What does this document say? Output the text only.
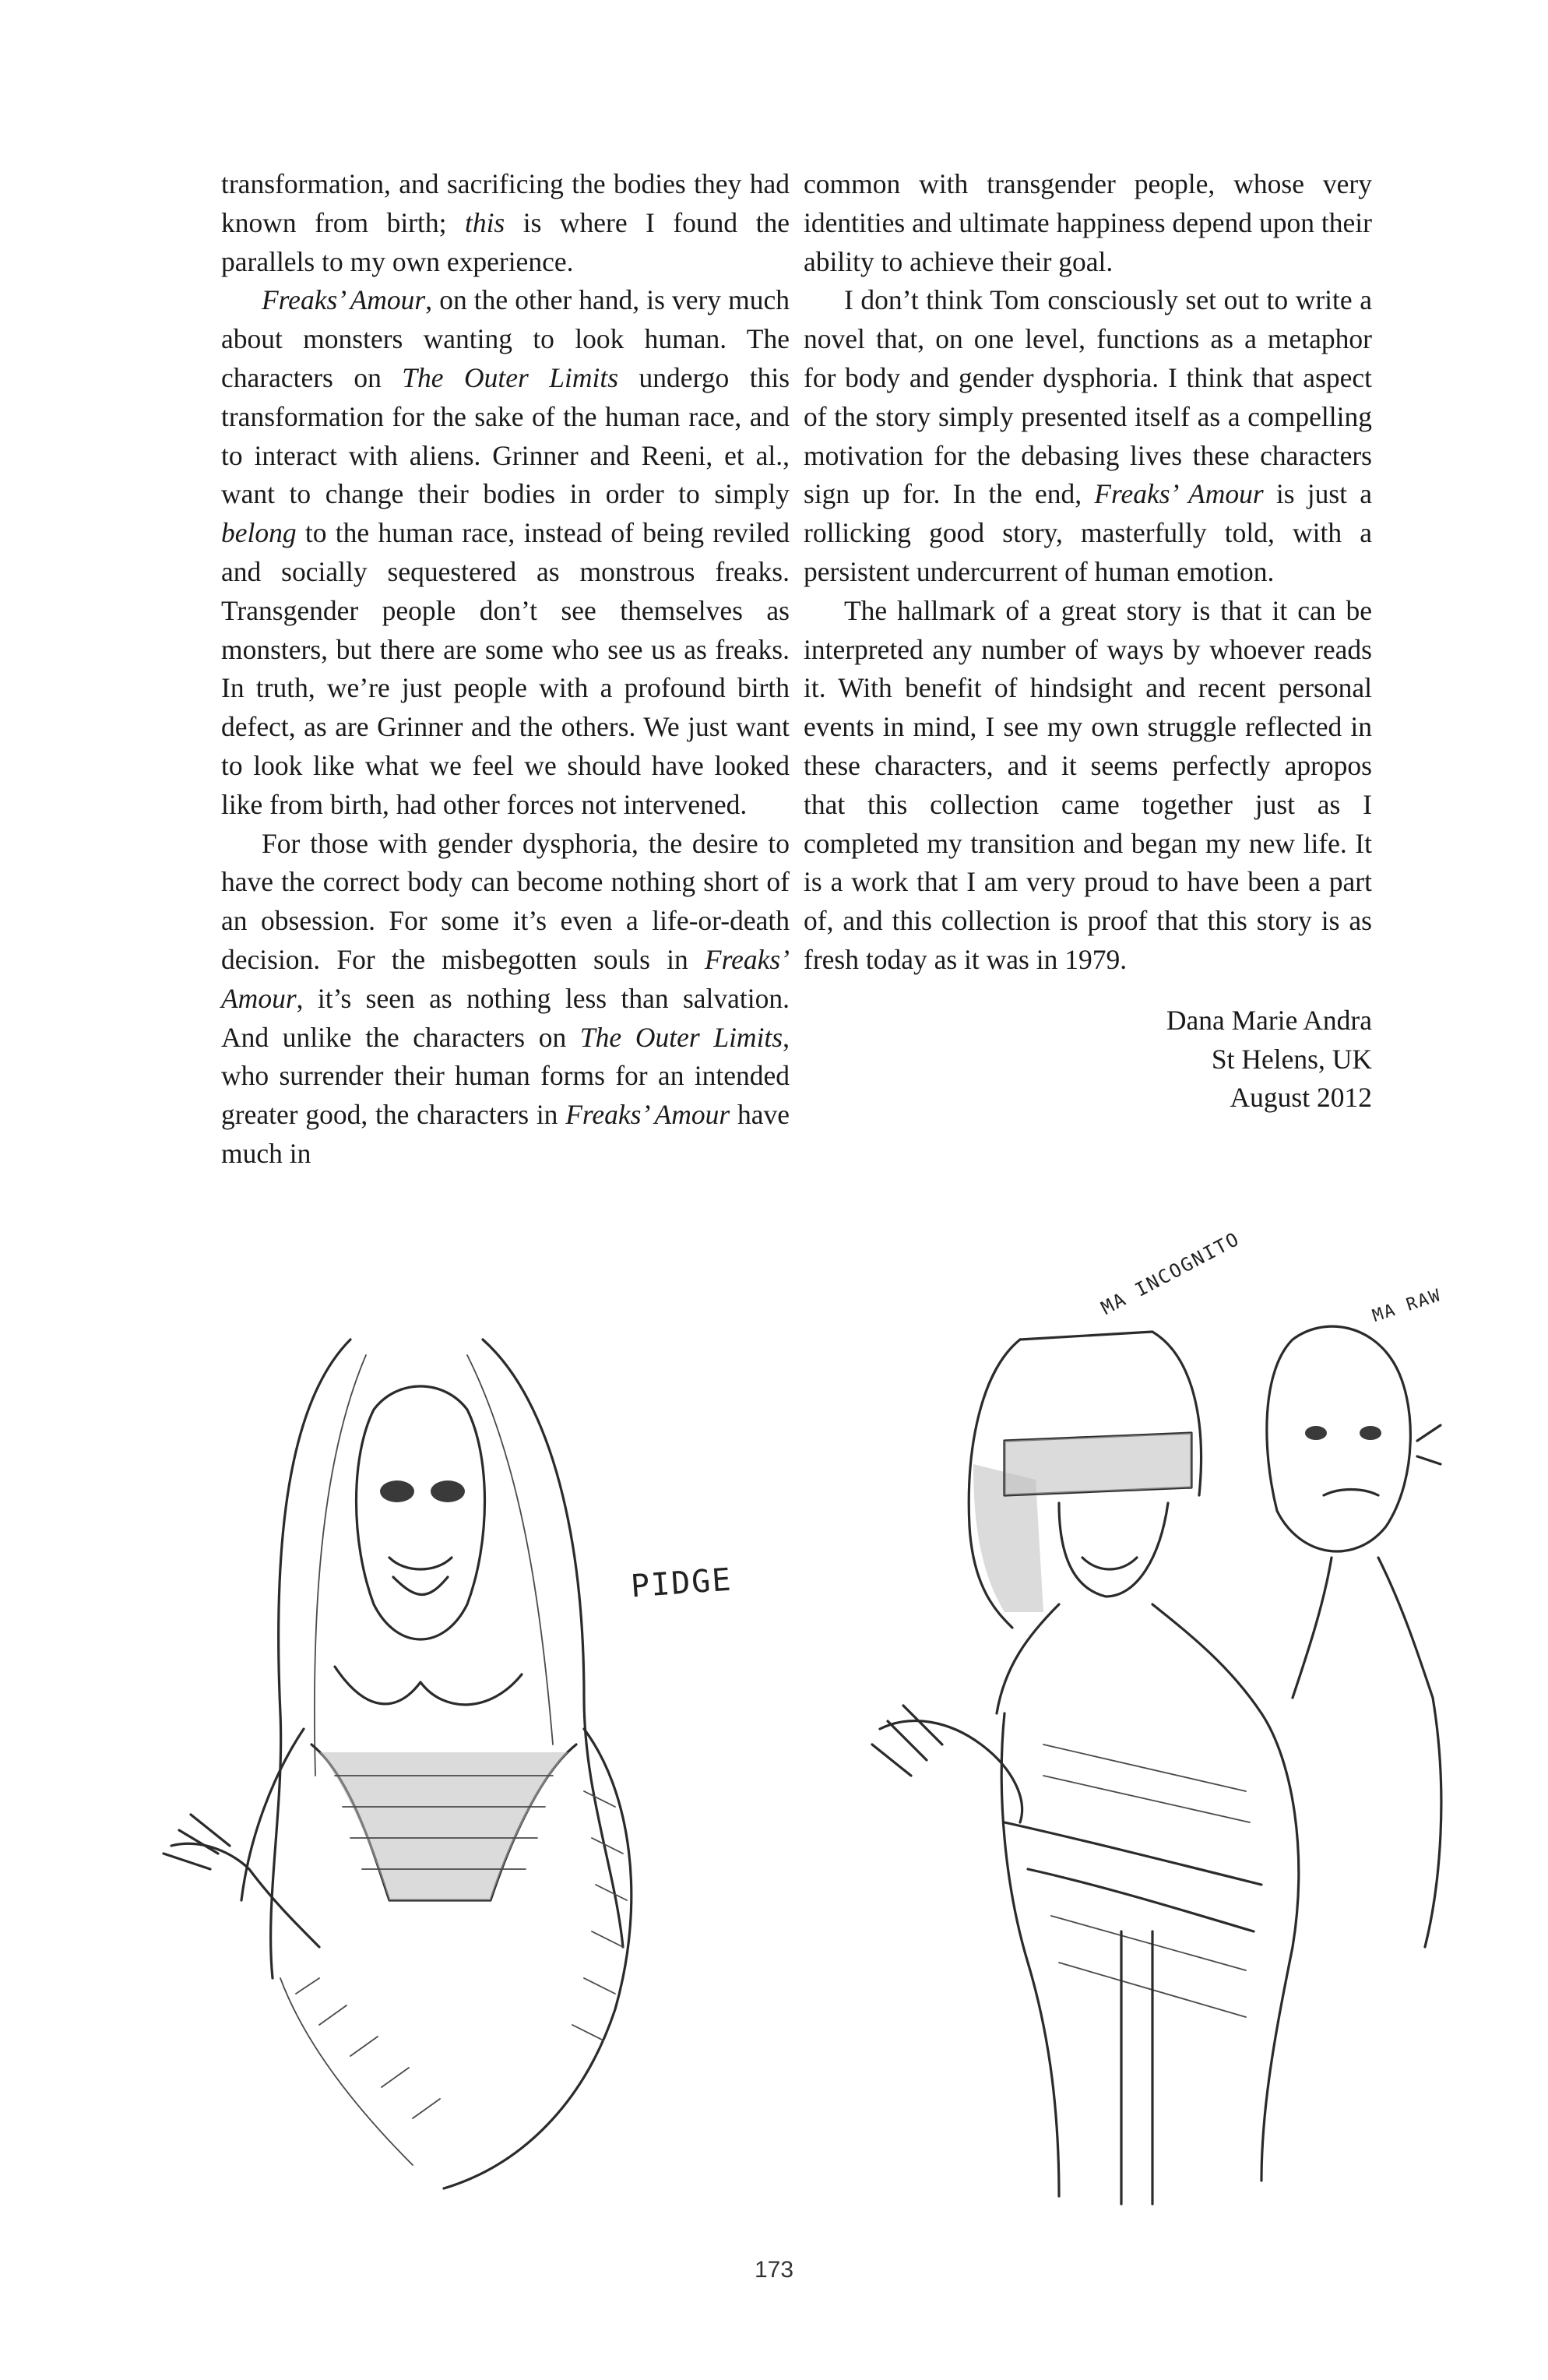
transformation, and sacrificing the bodies they had known from birth; this is where I found the parallels to my own experience.

Freaks’ Amour, on the other hand, is very much about monsters wanting to look human. The characters on The Outer Limits undergo this transformation for the sake of the human race, and to interact with aliens. Grinner and Reeni, et al., want to change their bodies in order to simply belong to the human race, instead of being reviled and socially sequestered as monstrous freaks. Transgender people don’t see themselves as monsters, but there are some who see us as freaks. In truth, we’re just people with a profound birth defect, as are Grinner and the others. We just want to look like what we feel we should have looked like from birth, had other forces not intervened.

For those with gender dysphoria, the desire to have the correct body can become nothing short of an obsession. For some it’s even a life-or-death decision. For the misbegotten souls in Freaks’ Amour, it’s seen as nothing less than salvation. And unlike the characters on The Outer Limits, who surrender their human forms for an intended greater good, the characters in Freaks’ Amour have much in

common with transgender people, whose very identities and ultimate happiness depend upon their ability to achieve their goal.

I don’t think Tom consciously set out to write a novel that, on one level, functions as a metaphor for body and gender dysphoria. I think that aspect of the story simply presented itself as a compelling motivation for the debasing lives these characters sign up for. In the end, Freaks’ Amour is just a rollicking good story, masterfully told, with a persistent undercurrent of human emotion.

The hallmark of a great story is that it can be interpreted any number of ways by whoever reads it. With benefit of hindsight and recent personal events in mind, I see my own struggle reflected in these characters, and it seems perfectly apropos that this collection came together just as I completed my transition and began my new life. It is a work that I am very proud to have been a part of, and this collection is proof that this story is as fresh today as it was in 1979.

Dana Marie Andra
St Helens, UK
August 2012
PIDGE
MA INCOGNITO	MA RAW
173
